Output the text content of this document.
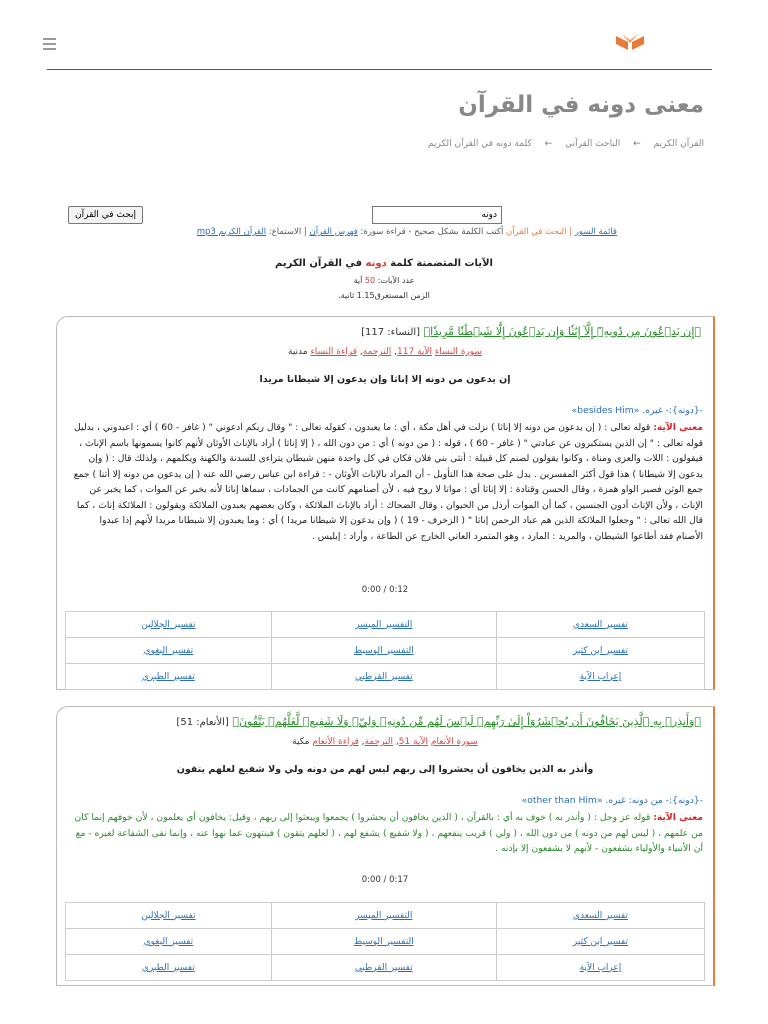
معنى دونه في القرآن
القرآن الكريم ← الباحث القرآني ← كلمة دونه في القرآن الكريم
إبحث في القرآن
دونه
قائمة السور | البحث في القرآن أكتب الكلمة بشكل صحيح - قراءة سورة: فهرس القرآن | الاستماع: القرآن الكريم mp3
الآيات المتضمنة كلمة دونه في القرآن الكريم
عدد الآيات: 50 آية
الزمن المستغرق1.15 ثانية.
﴿إِن يَدۡعُونَ مِن دُونِهِۦٓ إِلَّآ إِنَٰثٗا وَإِن يَدۡعُونَ إِلَّا شَيۡطَٰنٗا مَّرِيدٗا﴾ [النساء: 117]
سورة النساء الآية 117, الترجمة, قراءة النساء مدنية
إن يدعون من دونه إلا إناثا وإن يدعون إلا شيطانا مريدا
-{دونه}:- غيره. «besides Him»
معنى الآية: قوله تعالى : ( إن يدعون من دونه إلا إناثا ) نزلت في أهل مكة ، أي : ما يعبدون ، كقوله تعالى : " وقال ربكم ادعوني " ( غافر - 60 ) أي : اعبدوني ، بدليل قوله تعالى : " إن الذين يستكبرون عن عبادتي " ( غافر - 60 ) ، قوله : ( من دونه ) أي : من دون الله ، ( إلا إناثا ) أراد بالإناث الأوثان لأنهم كانوا يسمونها باسم الإناث ، فيقولون : اللات والعزى ومناة ، وكانوا يقولون لصنم كل قبيلة : أنثى بني فلان فكان في كل واحدة منهن شيطان يتراءى للسدنة والكهنة ويكلمهم ، ولذلك قال : ( وإن يدعون إلا شيطانا ) هذا قول أكثر المفسرين . يدل على صحة هذا التأويل - أن المراد بالإناث الأوثان - : قراءة ابن عباس رضي الله عنه ( إن يدعون من دونه إلا أثنا ) جمع جمع الوثن فصير الواو همزة ، وقال الحسن وقتادة : إلا إناثا أي : مواتا لا روح فيه ، لأن أصنامهم كانت من الجمادات ، سماها إناثا لأنه يخبر عن الموات ، كما يخبر عن الإناث ، ولأن الإناث أدون الجنسين ، كما أن الموات أرذل من الحيوان ، وقال الضحاك : أراد بالإناث الملائكة ، وكان بعضهم يعبدون الملائكة ويقولون : الملائكة إناث ، كما قال الله تعالى : " وجعلوا الملائكة الذين هم عباد الرحمن إناثا " ( الزخرف - 19 ) ( وإن يدعون إلا شيطانا مريدا ) أي : وما يعبدون إلا شيطانا مريدا لأنهم إذا عبدوا الأصنام فقد أطاعوا الشيطان ، والمريد : المارد ، وهو المتمرد العاتي الخارج عن الطاعة ، وأراد : إبليس .
0:00 / 0:12
تفسير الجلالين	التفسير الميسر	تفسير السعدي
تفسير البغوي	التفسير الوسيط	تفسير ابن كثير
تفسير الطبري	تفسير القرطبي	إعراب الآية
﴿وَأَنذِرۡ بِهِ ٱلَّذِينَ يَخَافُونَ أَن يُحۡشَرُوٓاْ إِلَىٰ رَبِّهِمۡ لَيۡسَ لَهُم مِّن دُونِهِۦ وَلِيّٞ وَلَا شَفِيعٞ لَّعَلَّهُمۡ يَتَّقُونَ﴾ [الأنعام: 51]
سورة الأنعام الآية 51, الترجمة, قراءة الأنعام مكية
وأنذر به الذين يخافون أن يحشروا إلى ربهم ليس لهم من دونه ولي ولا شفيع لعلهم يتقون
-{دونه}:- من دونه: غيره. «other than Him»
معنى الآية: قوله عز وجل : ( وأنذر به ) خوف به أي : بالقرآن ، ( الذين يخافون أن يحشروا ) يجمعوا ويبعثوا إلى ربهم ، وقيل: يخافون أي يعلمون ، لأن خوفهم إنما كان من علمهم ، ( ليس لهم من دونه ) من دون الله ، ( ولي ) قريب ينفعهم ، ( ولا شفيع ) يشفع لهم ، ( لعلهم يتقون ) فينتهون عما نهوا عنه ، وإنما نفى الشفاعة لغيره - مع أن الأنبياء والأولياء يشفعون - لأنهم لا يشفعون إلا بإذنه .
0:00 / 0:17
تفسير الجلالين	التفسير الميسر	تفسير السعدي
تفسير البغوي	التفسير الوسيط	تفسير ابن كثير
تفسير الطبري	تفسير القرطبي	إعراب الآية
